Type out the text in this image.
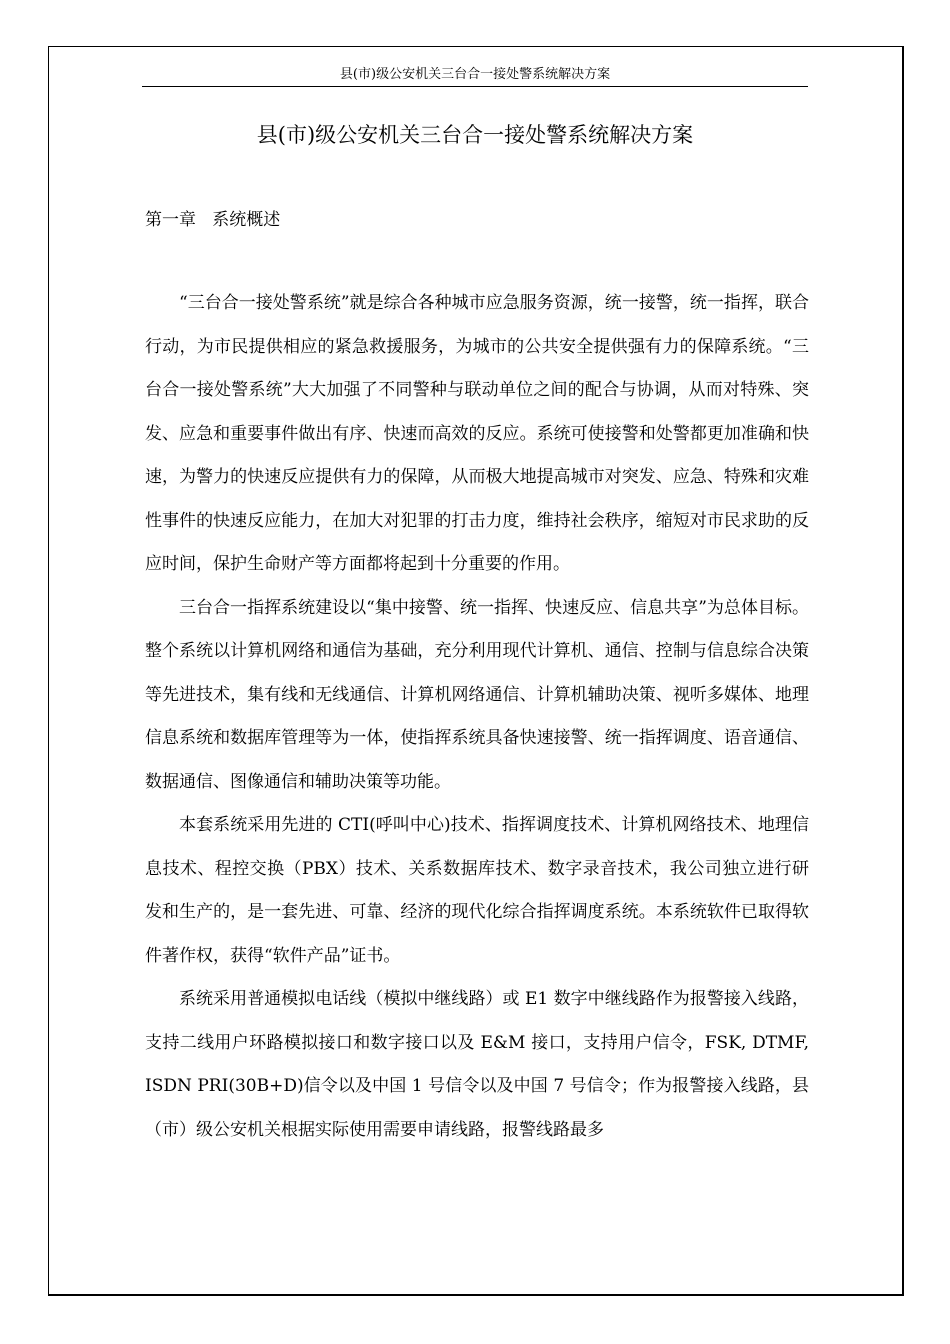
县(市)级公安机关三台合一接处警系统解决方案
县(市)级公安机关三台合一接处警系统解决方案
第一章   系统概述

“三台合一接处警系统”就是综合各种城市应急服务资源，统一接警，统一指挥，联合行动，为市民提供相应的紧急救援服务，为城市的公共安全提供强有力的保障系统。“三台合一接处警系统”大大加强了不同警种与联动单位之间的配合与协调，从而对特殊、突发、应急和重要事件做出有序、快速而高效的反应。系统可使接警和处警都更加准确和快速，为警力的快速反应提供有力的保障，从而极大地提高城市对突发、应急、特殊和灾难性事件的快速反应能力，在加大对犯罪的打击力度，维持社会秩序，缩短对市民求助的反应时间，保护生命财产等方面都将起到十分重要的作用。

三台合一指挥系统建设以“集中接警、统一指挥、快速反应、信息共享”为总体目标。整个系统以计算机网络和通信为基础，充分利用现代计算机、通信、控制与信息综合决策等先进技术，集有线和无线通信、计算机网络通信、计算机辅助决策、视听多媒体、地理信息系统和数据库管理等为一体，使指挥系统具备快速接警、统一指挥调度、语音通信、数据通信、图像通信和辅助决策等功能。

本套系统采用先进的 CTI(呼叫中心)技术、指挥调度技术、计算机网络技术、地理信息技术、程控交换（PBX）技术、关系数据库技术、数字录音技术，我公司独立进行研发和生产的，是一套先进、可靠、经济的现代化综合指挥调度系统。本系统软件已取得软件著作权，获得“软件产品”证书。

系统采用普通模拟电话线（模拟中继线路）或 E1 数字中继线路作为报警接入线路， 支持二线用户环路模拟接口和数字接口以及 E&M 接口，支持用户信令，FSK, DTMF, ISDN PRI(30B+D)信令以及中国 1 号信令以及中国 7 号信令；作为报警接入线路，县（市）级公安机关根据实际使用需要申请线路，报警线路最多
